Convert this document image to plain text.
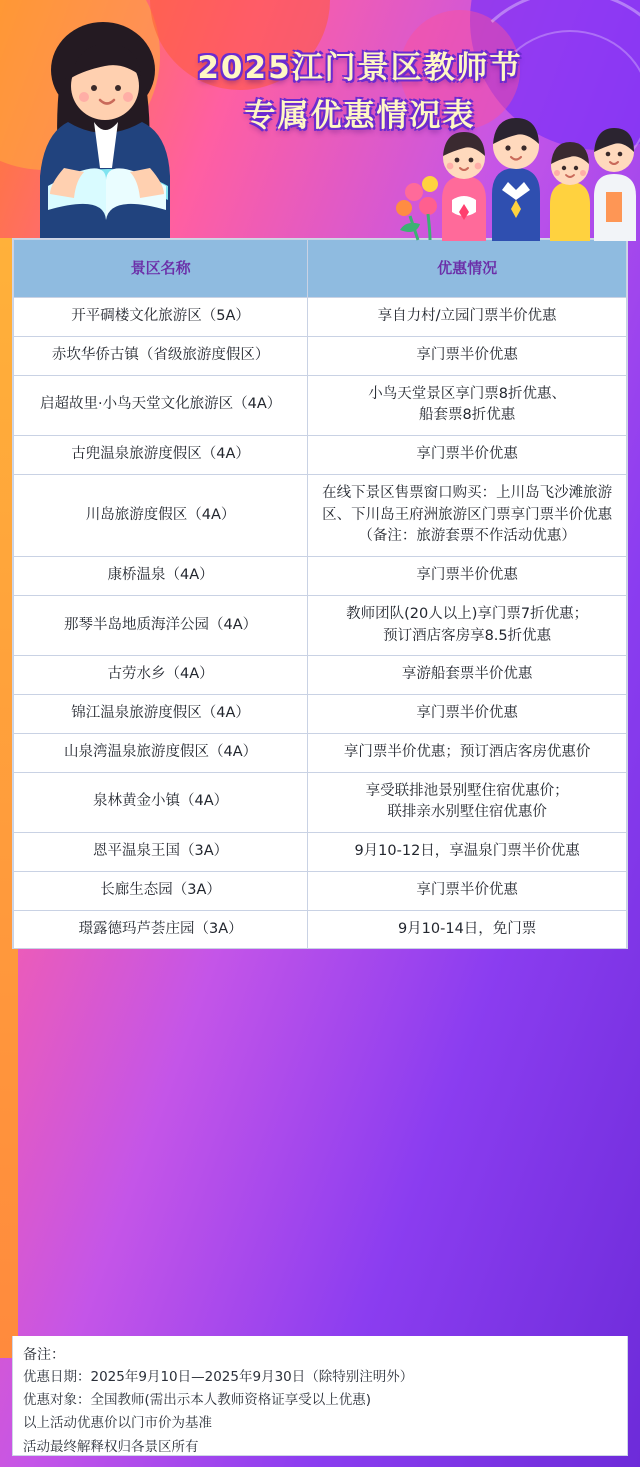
2025江门景区教师节
专属优惠情况表
景区名称	优惠情况
开平碉楼文化旅游区（5A）	享自力村/立园门票半价优惠
赤坎华侨古镇（省级旅游度假区）	享门票半价优惠
启超故里·小鸟天堂文化旅游区（4A）	小鸟天堂景区享门票8折优惠、
船套票8折优惠
古兜温泉旅游度假区（4A）	享门票半价优惠
川岛旅游度假区（4A）	在线下景区售票窗口购买：上川岛飞沙滩旅游区、下川岛王府洲旅游区门票享门票半价优惠（备注：旅游套票不作活动优惠）
康桥温泉（4A）	享门票半价优惠
那琴半岛地质海洋公园（4A）	教师团队(20人以上)享门票7折优惠；
预订酒店客房享8.5折优惠
古劳水乡（4A）	享游船套票半价优惠
锦江温泉旅游度假区（4A）	享门票半价优惠
山泉湾温泉旅游度假区（4A）	享门票半价优惠；预订酒店客房优惠价
泉林黄金小镇（4A）	享受联排池景别墅住宿优惠价；
联排亲水别墅住宿优惠价
恩平温泉王国（3A）	9月10-12日，享温泉门票半价优惠
长廊生态园（3A）	享门票半价优惠
璟露德玛芦荟庄园（3A）	9月10-14日，免门票
备注：
优惠日期：2025年9月10日—2025年9月30日（除特别注明外）
优惠对象：全国教师(需出示本人教师资格证享受以上优惠)
以上活动优惠价以门市价为基准
活动最终解释权归各景区所有
